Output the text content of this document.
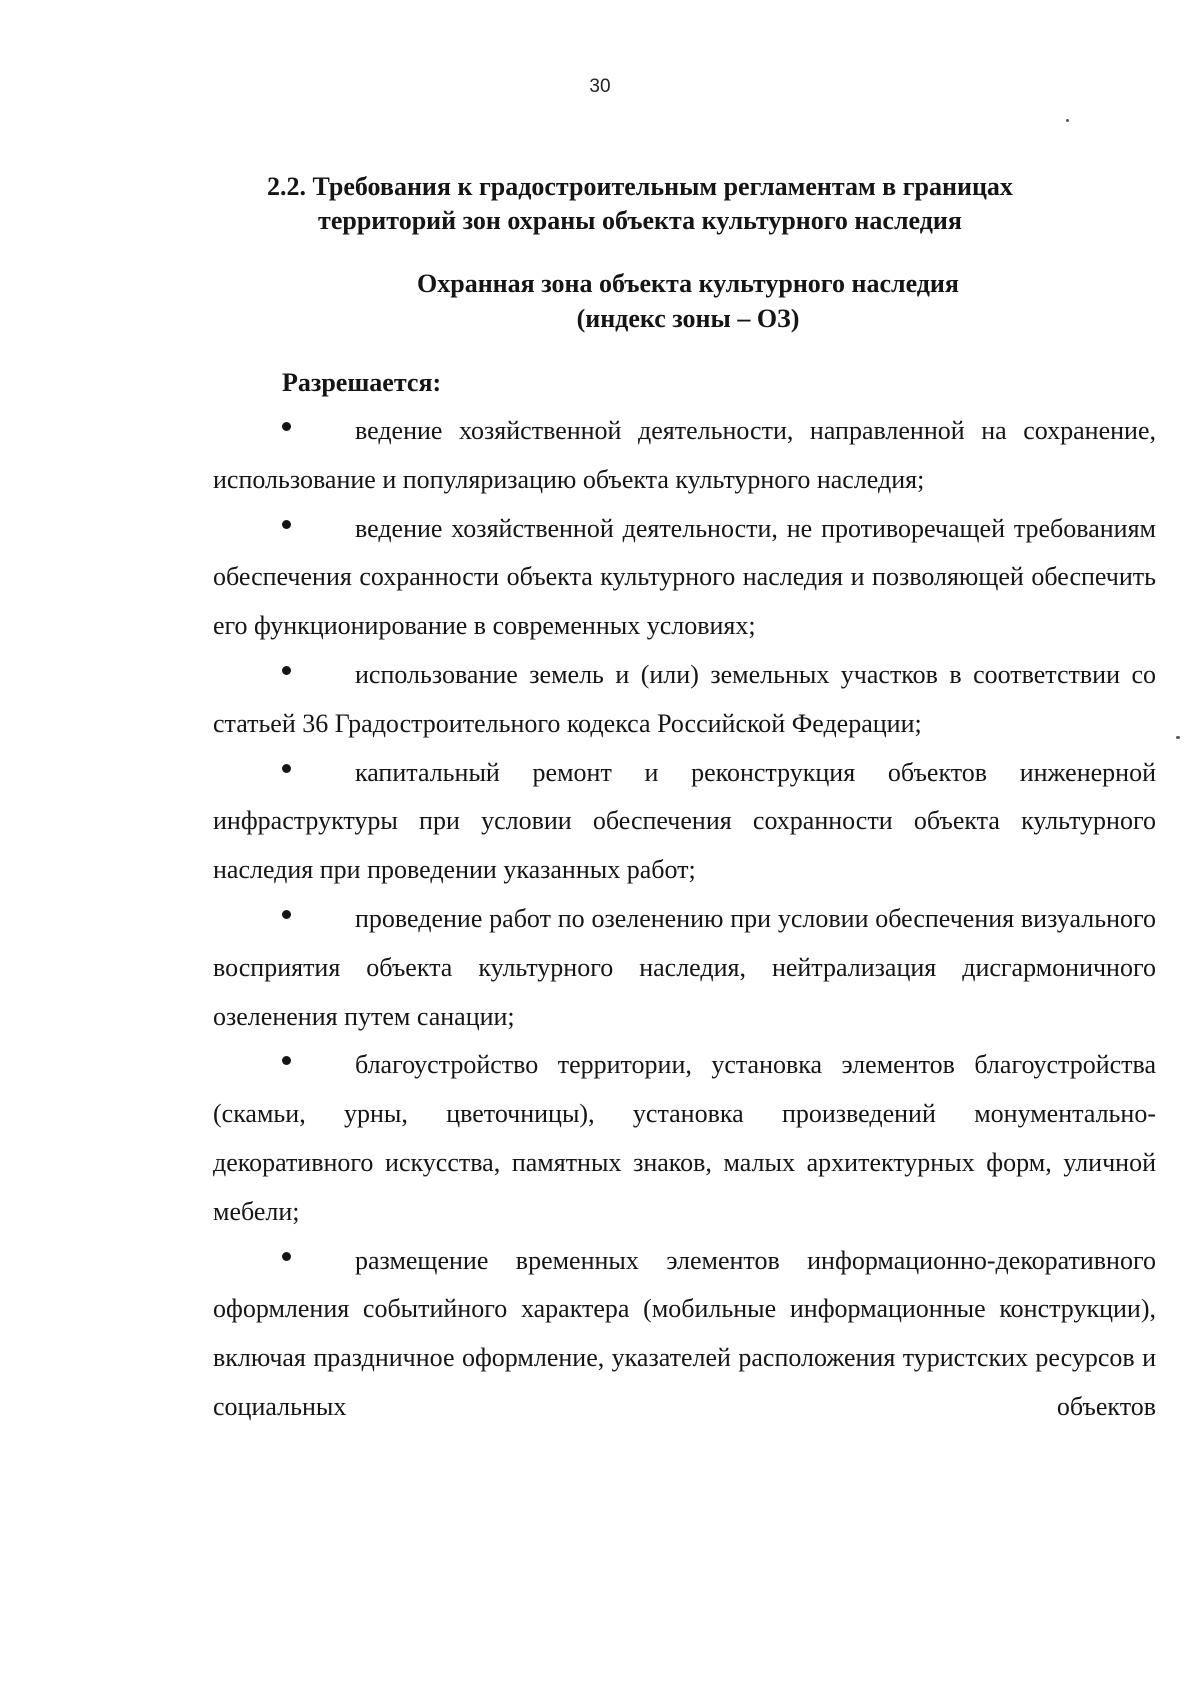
30
2.2. Требования к градостроительным регламентам в границах
территорий зон охраны объекта культурного наследия
Охранная зона объекта культурного наследия
(индекс зоны – ОЗ)
Разрешается:
ведение хозяйственной деятельности, направленной на сохранение, использование и популяризацию объекта культурного наследия;
ведение хозяйственной деятельности, не противоречащей требованиям обеспечения сохранности объекта культурного наследия и позволяющей обеспечить его функционирование в современных условиях;
использование земель и (или) земельных участков в соответствии со статьей 36 Градостроительного кодекса Российской Федерации;
капитальный ремонт и реконструкция объектов инженерной инфраструктуры при условии обеспечения сохранности объекта культурного наследия при проведении указанных работ;
проведение работ по озеленению при условии обеспечения визуального восприятия объекта культурного наследия, нейтрализация дисгармоничного озеленения путем санации;
благоустройство территории, установка элементов благоустройства (скамьи, урны, цветочницы), установка произведений монументально-декоративного искусства, памятных знаков, малых архитектурных форм, уличной мебели;
размещение временных элементов информационно-декоративного оформления событийного характера (мобильные информационные конструкции), включая праздничное оформление, указателей расположения туристских ресурсов и социальных объектов
